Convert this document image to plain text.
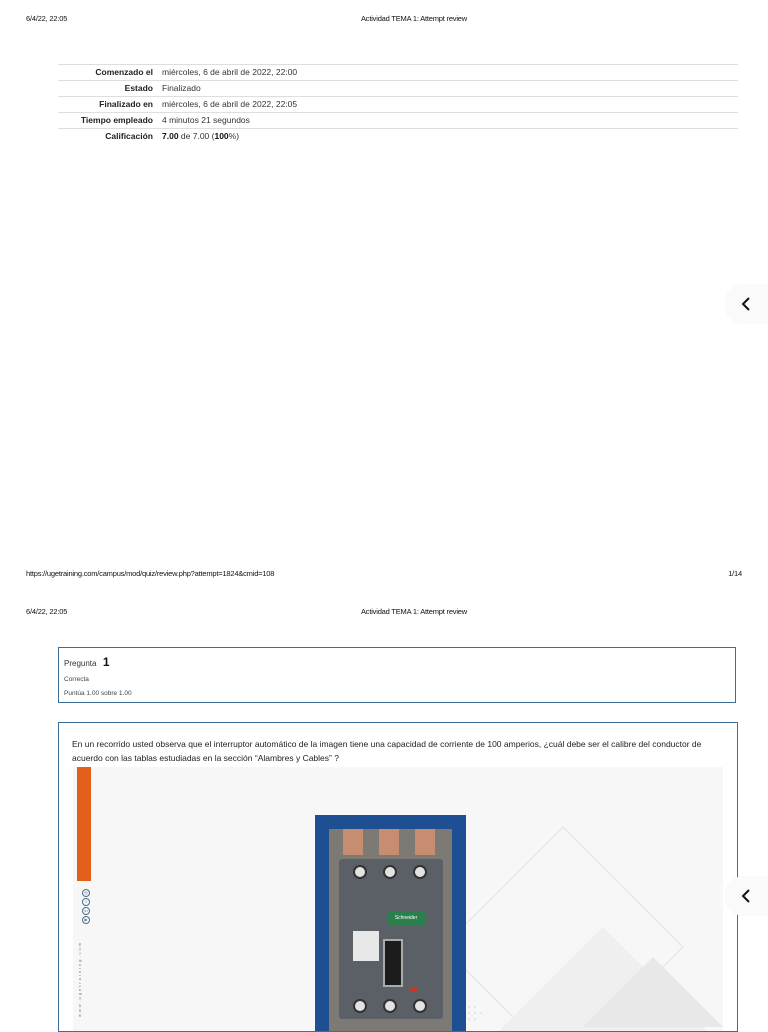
6/4/22, 22:05	Actividad TEMA 1: Attempt review
Comenzado el	miércoles, 6 de abril de 2022, 22:00
Estado	Finalizado
Finalizado en	miércoles, 6 de abril de 2022, 22:05
Tiempo empleado	4 minutos 21 segundos
Calificación	7.00 de 7.00 (100%)
https://ugetraining.com/campus/mod/quiz/review.php?attempt=1824&cmid=108	1/14
6/4/22, 22:05	Actividad TEMA 1: Attempt review
Pregunta 1
Correcta
Puntúa 1.00 sobre 1.00
En un recorrido usted observa que el interruptor automático de la imagen tiene una capacidad de corriente de 100 amperios, ¿cuál debe ser el calibre del conductor de acuerdo con las tablas estudiadas en la sección “Alambres y Cables” ?
◎
f
in
▶
www.ugetraining.com
Schneider
